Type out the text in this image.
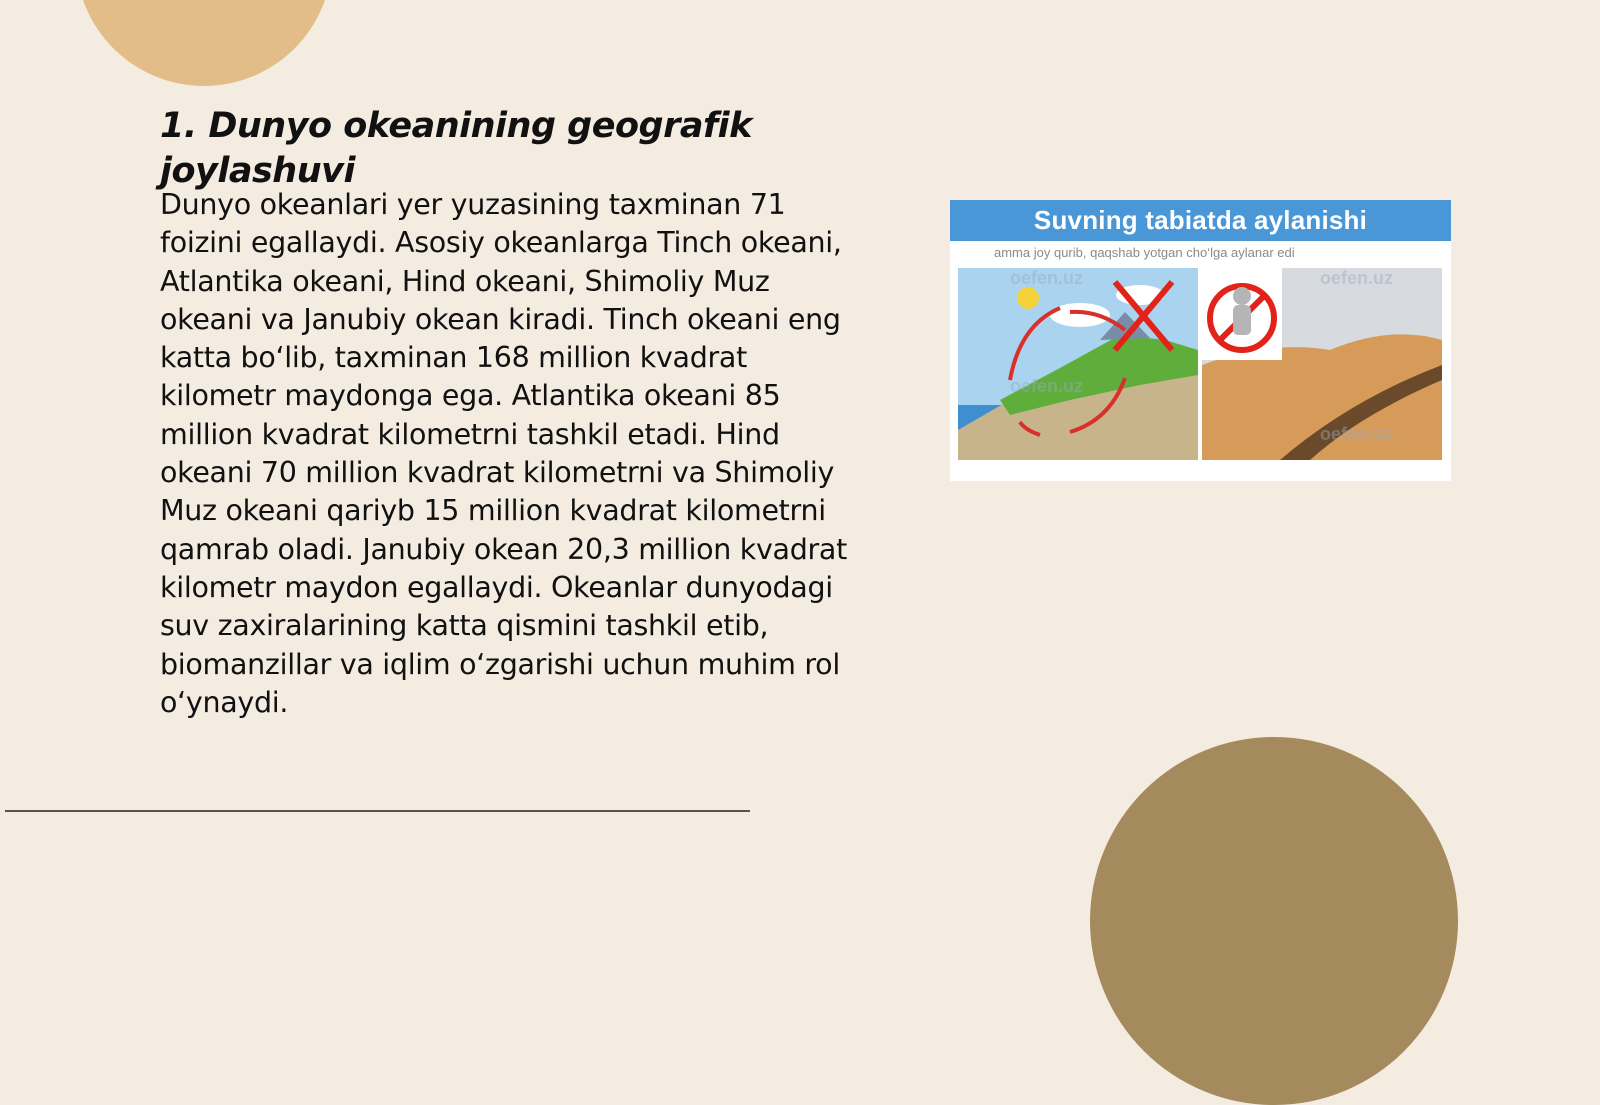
1. Dunyo okeanining geografik joylashuvi
Dunyo okeanlari yer yuzasining taxminan 71 foizini egallaydi. Asosiy okeanlarga Tinch okeani, Atlantika okeani, Hind okeani, Shimoliy Muz okeani va Janubiy okean kiradi. Tinch okeani eng katta bo‘lib, taxminan 168 million kvadrat kilometr maydonga ega. Atlantika okeani 85 million kvadrat kilometrni tashkil etadi. Hind okeani 70 million kvadrat kilometrni va Shimoliy Muz okeani qariyb 15 million kvadrat kilometrni qamrab oladi. Janubiy okean 20,3 million kvadrat kilometr maydon egallaydi. Okeanlar dunyodagi suv zaxiralarining katta qismini tashkil etib, biomanzillar va iqlim o‘zgarishi uchun muhim rol o‘ynaydi.
Suvning tabiatda aylanishi
amma joy qurib, qaqshab yotgan cho‘lga aylanar edi
oefen.uz	oefen.uz
oefen.uz
oefen.uz
